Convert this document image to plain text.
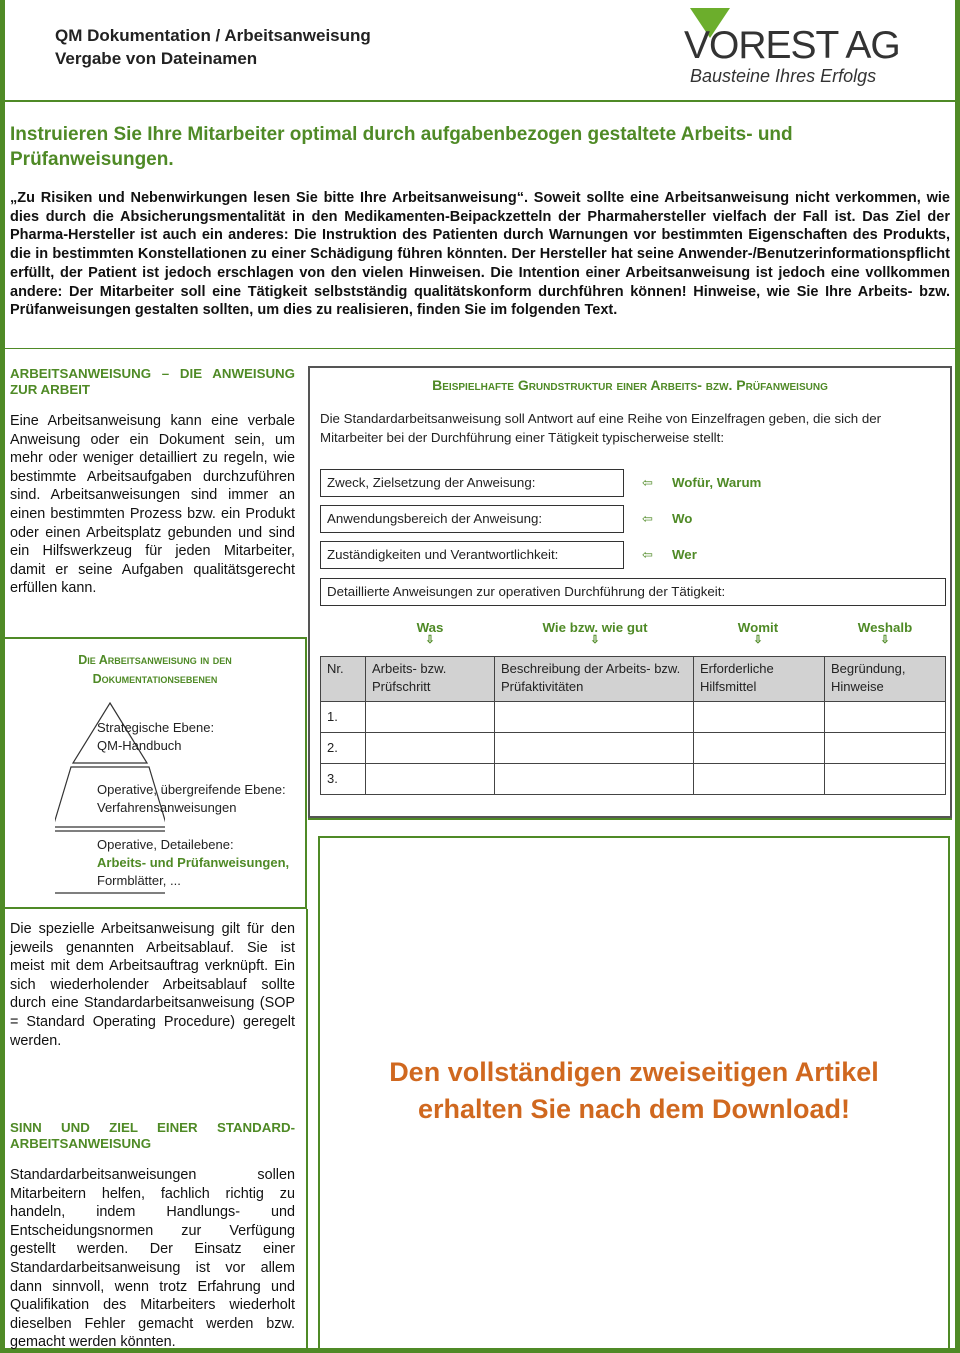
QM Dokumentation / Arbeitsanweisung
Vergabe von Dateinamen	VOREST AG
Bausteine Ihres Erfolgs
Instruieren Sie Ihre Mitarbeiter optimal durch aufgabenbezogen gestaltete Arbeits- und Prüfanweisungen.
„Zu Risiken und Nebenwirkungen lesen Sie bitte Ihre Arbeitsanweisung“. Soweit sollte eine Arbeitsanweisung nicht verkommen, wie dies durch die Absicherungsmentalität in den Medikamenten-Beipackzetteln der Pharmahersteller vielfach der Fall ist. Das Ziel der Pharma-Hersteller ist auch ein anderes: Die Instruktion des Patienten durch Warnungen vor bestimmten Eigenschaften des Produkts, die in bestimmten Konstellationen zu einer Schädigung führen könnten. Der Hersteller hat seine Anwender-/Benutzerinformationspflicht erfüllt, der Patient ist jedoch erschlagen von den vielen Hinweisen. Die Intention einer Arbeitsanweisung ist jedoch eine vollkommen andere: Der Mitarbeiter soll eine Tätigkeit selbstständig qualitätskonform durchführen können! Hinweise, wie Sie Ihre Arbeits- bzw. Prüfanweisungen gestalten sollten, um dies zu realisieren, finden Sie im folgenden Text.
ARBEITSANWEISUNG – DIE ANWEISUNG ZUR ARBEIT
Eine Arbeitsanweisung kann eine verbale Anweisung oder ein Dokument sein, um mehr oder weniger detailliert zu regeln, wie bestimmte Arbeitsaufgaben durchzuführen sind. Arbeitsanweisungen sind immer an einen bestimmten Prozess bzw. ein Produkt oder einen Arbeitsplatz gebunden und sind ein Hilfswerkzeug für jeden Mitarbeiter, damit er seine Aufgaben qualitätsgerecht erfüllen kann.
Die Arbeitsanweisung in den
Dokumentationsebenen
Strategische Ebene:
QM-Handbuch
Operative, übergreifende Ebene:
Verfahrensanweisungen
Operative, Detailebene:
Arbeits- und Prüfanweisungen,
Formblätter, ...
Die spezielle Arbeitsanweisung gilt für den jeweils genannten Arbeitsablauf. Sie ist meist mit dem Arbeitsauftrag verknüpft. Ein sich wiederholender Arbeitsablauf sollte durch eine Standardarbeitsanweisung (SOP = Standard Operating Procedure) geregelt werden.
SINN UND ZIEL EINER STANDARD-ARBEITSANWEISUNG
Standardarbeitsanweisungen sollen Mitarbeitern helfen, fachlich richtig zu handeln, indem Handlungs- und Entscheidungsnormen zur Verfügung gestellt werden. Der Einsatz einer Standardarbeitsanweisung ist vor allem dann sinnvoll, wenn trotz Erfahrung und Qualifikation des Mitarbeiters wiederholt dieselben Fehler gemacht werden bzw. gemacht werden könnten.
Beispielhafte Grundstruktur einer Arbeits- bzw. Prüfanweisung
Die Standardarbeitsanweisung soll Antwort auf eine Reihe von Einzelfragen geben, die sich der Mitarbeiter bei der Durchführung einer Tätigkeit typischerweise stellt:
Zweck, Zielsetzung der Anweisung:	⇦ Wofür, Warum
Anwendungsbereich der Anweisung:	⇦ Wo
Zuständigkeiten und Verantwortlichkeit:	⇦ Wer
Detaillierte Anweisungen zur operativen Durchführung der Tätigkeit:
Was
⇩
Wie bzw. wie gut
⇩
Womit
⇩
Weshalb
⇩
Nr.	Arbeits- bzw. Prüfschritt	Beschreibung der Arbeits- bzw. Prüfaktivitäten	Erforderliche Hilfsmittel	Begründung, Hinweise
1.				
2.				
3.				
Den vollständigen zweiseitigen Artikel
erhalten Sie nach dem Download!
